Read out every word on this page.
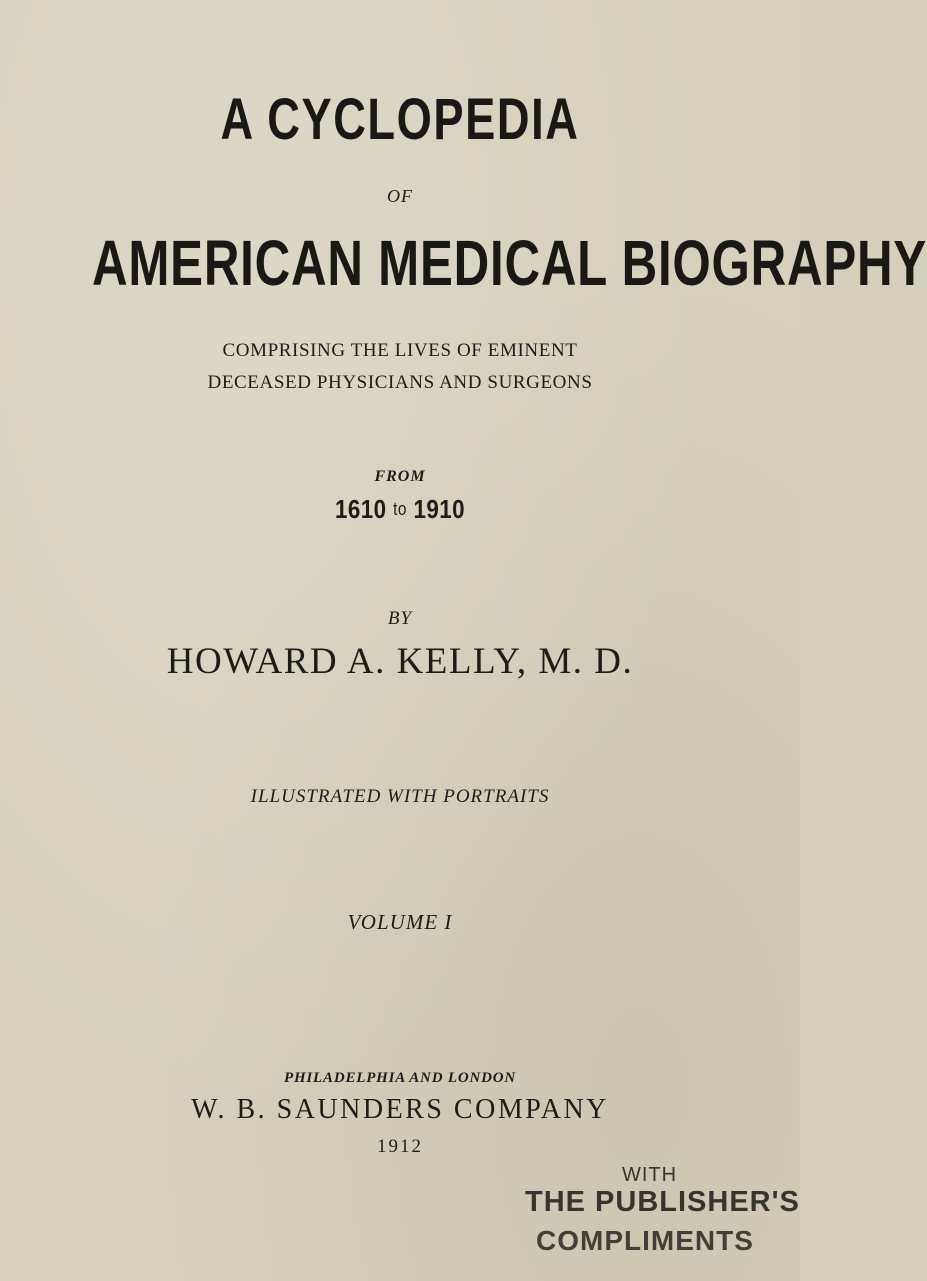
A CYCLOPEDIA
OF
AMERICAN MEDICAL BIOGRAPHY
COMPRISING THE LIVES OF EMINENT
DECEASED PHYSICIANS AND SURGEONS
FROM
1610 to 1910
BY
HOWARD A. KELLY, M. D.
ILLUSTRATED WITH PORTRAITS
VOLUME I
PHILADELPHIA AND LONDON
W. B. SAUNDERS COMPANY
1912
WITH
THE PUBLISHER'S
COMPLIMENTS
